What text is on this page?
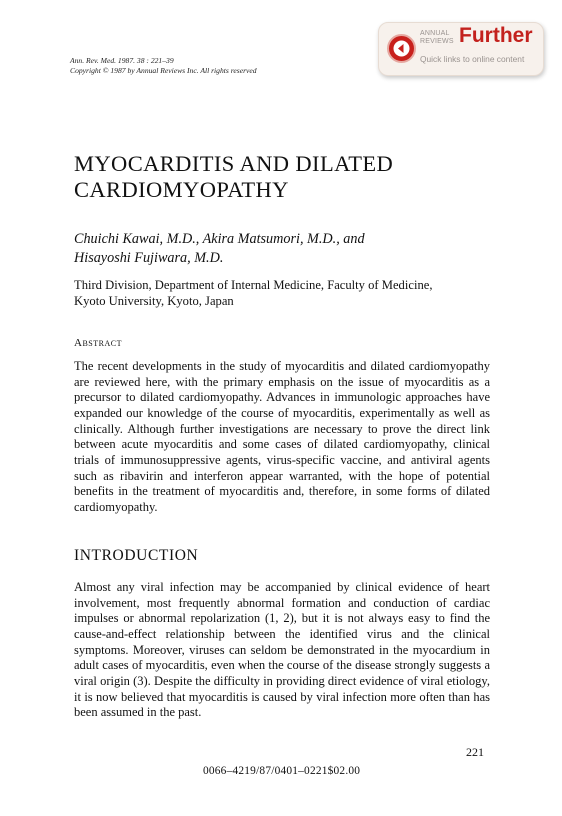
Ann. Rev. Med. 1987. 38 : 221–39
Copyright © 1987 by Annual Reviews Inc. All rights reserved
ANNUAL
REVIEWS Further
Quick links to online content
MYOCARDITIS AND DILATED
CARDIOMYOPATHY
Chuichi Kawai, M.D., Akira Matsumori, M.D., and
Hisayoshi Fujiwara, M.D.
Third Division, Department of Internal Medicine, Faculty of Medicine,
Kyoto University, Kyoto, Japan
Abstract

The recent developments in the study of myocarditis and dilated cardiomyopathy are reviewed here, with the primary emphasis on the issue of myocarditis as a precursor to dilated cardiomyopathy. Advances in immunologic approaches have expanded our knowledge of the course of myocarditis, experimentally as well as clinically. Although further investigations are necessary to prove the direct link between acute myocarditis and some cases of dilated cardiomyopathy, clinical trials of immunosuppressive agents, virus-specific vaccine, and antiviral agents such as ribavirin and interferon appear warranted, with the hope of potential benefits in the treatment of myocarditis and, therefore, in some forms of dilated cardiomyopathy.

INTRODUCTION

Almost any viral infection may be accompanied by clinical evidence of heart involvement, most frequently abnormal formation and conduction of cardiac impulses or abnormal repolarization (1, 2), but it is not always easy to find the cause-and-effect relationship between the identified virus and the clinical symptoms. Moreover, viruses can seldom be demonstrated in the myocardium in adult cases of myocarditis, even when the course of the disease strongly suggests a viral origin (3). Despite the difficulty in providing direct evidence of viral etiology, it is now believed that myocarditis is caused by viral infection more often than has been assumed in the past.

221
0066–4219/87/0401–0221$02.00
